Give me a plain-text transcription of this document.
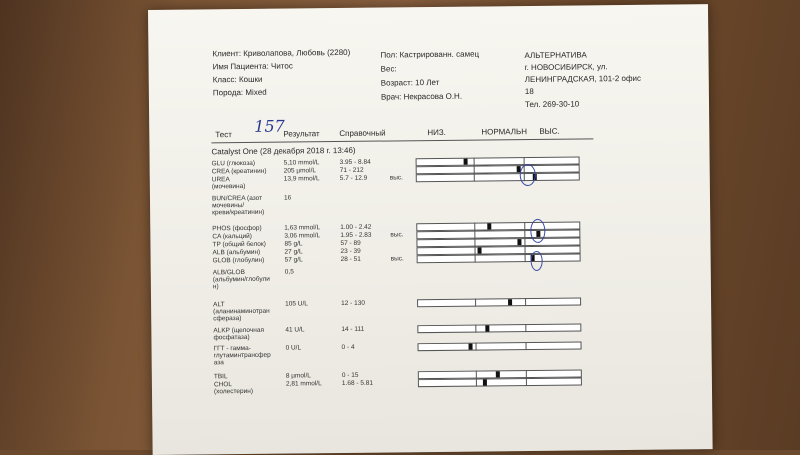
Клиент: Криволапова, Любовь (2280)
Имя Пациента: Читос
Класс: Кошки
Порода: Mixed
Пол: Кастрированн. самец
Вес:
Возраст: 10 Лет
Врач: Некрасова О.Н.
АЛЬТЕРНАТИВА
г. НОВОСИБИРСК, ул.
ЛЕНИНГРАДСКАЯ, 101-2 офис
18
Тел. 269-30-10
157
Тест	Результат Справочный	НИЗ.	НОРМАЛЬН ВЫС.
Catalyst One (28 декабря 2018 г. 13:46)
GLU (глюкоза)	5,10 mmol/L	3.95 - 8.84
CREA (креатинин)	205 µmol/L	71 - 212
UREA
(мочевина)
13,9 mmol/L	5.7 - 12.9	выс.
BUN/CREA (азот
мочевины/
креви/креатинин)
16
PHOS (фосфор)	1,63 mmol/L	1.00 - 2.42
CA (кальций)	3,06 mmol/L	1.95 - 2.83	выс.
TP (общий белок)	85 g/L	57 - 89
ALB (альбумин)	27 g/L	23 - 39
GLOB (глобулин)	57 g/L	28 - 51	выс.
ALB/GLOB
(альбумин/глобули
н)
0,5
ALT
(аланинаминотран
сфераза)
105 U/L	12 - 130
ALKP (щелочная
фосфатаза)
41 U/L	14 - 111
ГГТ - гамма-
глутаминтрансфер
аза
0 U/L	0 - 4
TBIL	8 µmol/L	0 - 15
CHOL
(холестерин)
2,81 mmol/L	1.68 - 5.81
